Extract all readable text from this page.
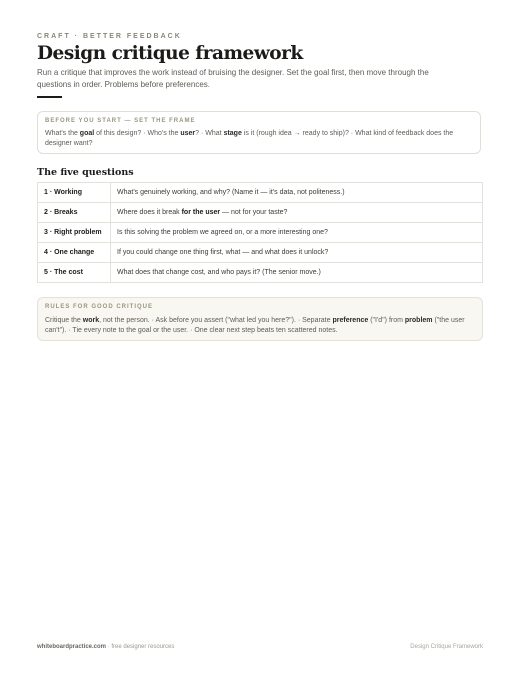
CRAFT · BETTER FEEDBACK
Design critique framework
Run a critique that improves the work instead of bruising the designer. Set the goal first, then move through the questions in order. Problems before preferences.
BEFORE YOU START — SET THE FRAME
What's the goal of this design? · Who's the user? · What stage is it (rough idea → ready to ship)? · What kind of feedback does the designer want?
The five questions
1 · Working	What's genuinely working, and why? (Name it — it's data, not politeness.)
2 · Breaks	Where does it break for the user — not for your taste?
3 · Right problem	Is this solving the problem we agreed on, or a more interesting one?
4 · One change	If you could change one thing first, what — and what does it unlock?
5 · The cost	What does that change cost, and who pays it? (The senior move.)
RULES FOR GOOD CRITIQUE
Critique the work, not the person. · Ask before you assert ("what led you here?"). · Separate preference ("I'd") from problem ("the user can't"). · Tie every note to the goal or the user. · One clear next step beats ten scattered notes.
whiteboardpractice.com · free designer resources	Design Critique Framework
